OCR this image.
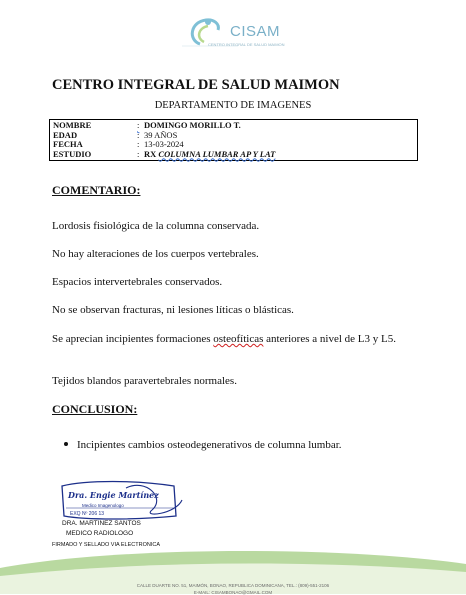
CISAM
CENTRO INTEGRAL DE SALUD MAIMON
CENTRO INTEGRAL DE SALUD MAIMON
DEPARTAMENTO DE IMAGENES
NOMBRE	: DOMINGO MORILLO T.
EDAD	: 39 AÑOS
FECHA	: 13-03-2024
ESTUDIO	: RX COLUMNA LUMBAR AP Y LAT
COMENTARIO:
Lordosis fisiológica de la columna conservada.
No hay alteraciones de los cuerpos vertebrales.
Espacios intervertebrales conservados.
No se observan fracturas, ni lesiones líticas o blásticas.
Se aprecian incipientes formaciones osteofíticas anteriores a nivel de L3 y L5.
Tejidos blandos paravertebrales normales.
CONCLUSION:
Incipientes cambios osteodegenerativos de columna lumbar.
Dra. Engie Martínez
Medico Imagenologo
EXQ Nº 206 13
DRA. MARTINEZ SANTOS
MEDICO RADIOLOGO
FIRMADO Y SELLADO VIA ELECTRONICA
CALLE DUARTE NO. 51, MAIMÓN, BONAO, REPUBLICA DOMINICANA, TEL.: (809)-551-2106
E-MAIL: CISAMBONAO@GMAIL.COM
